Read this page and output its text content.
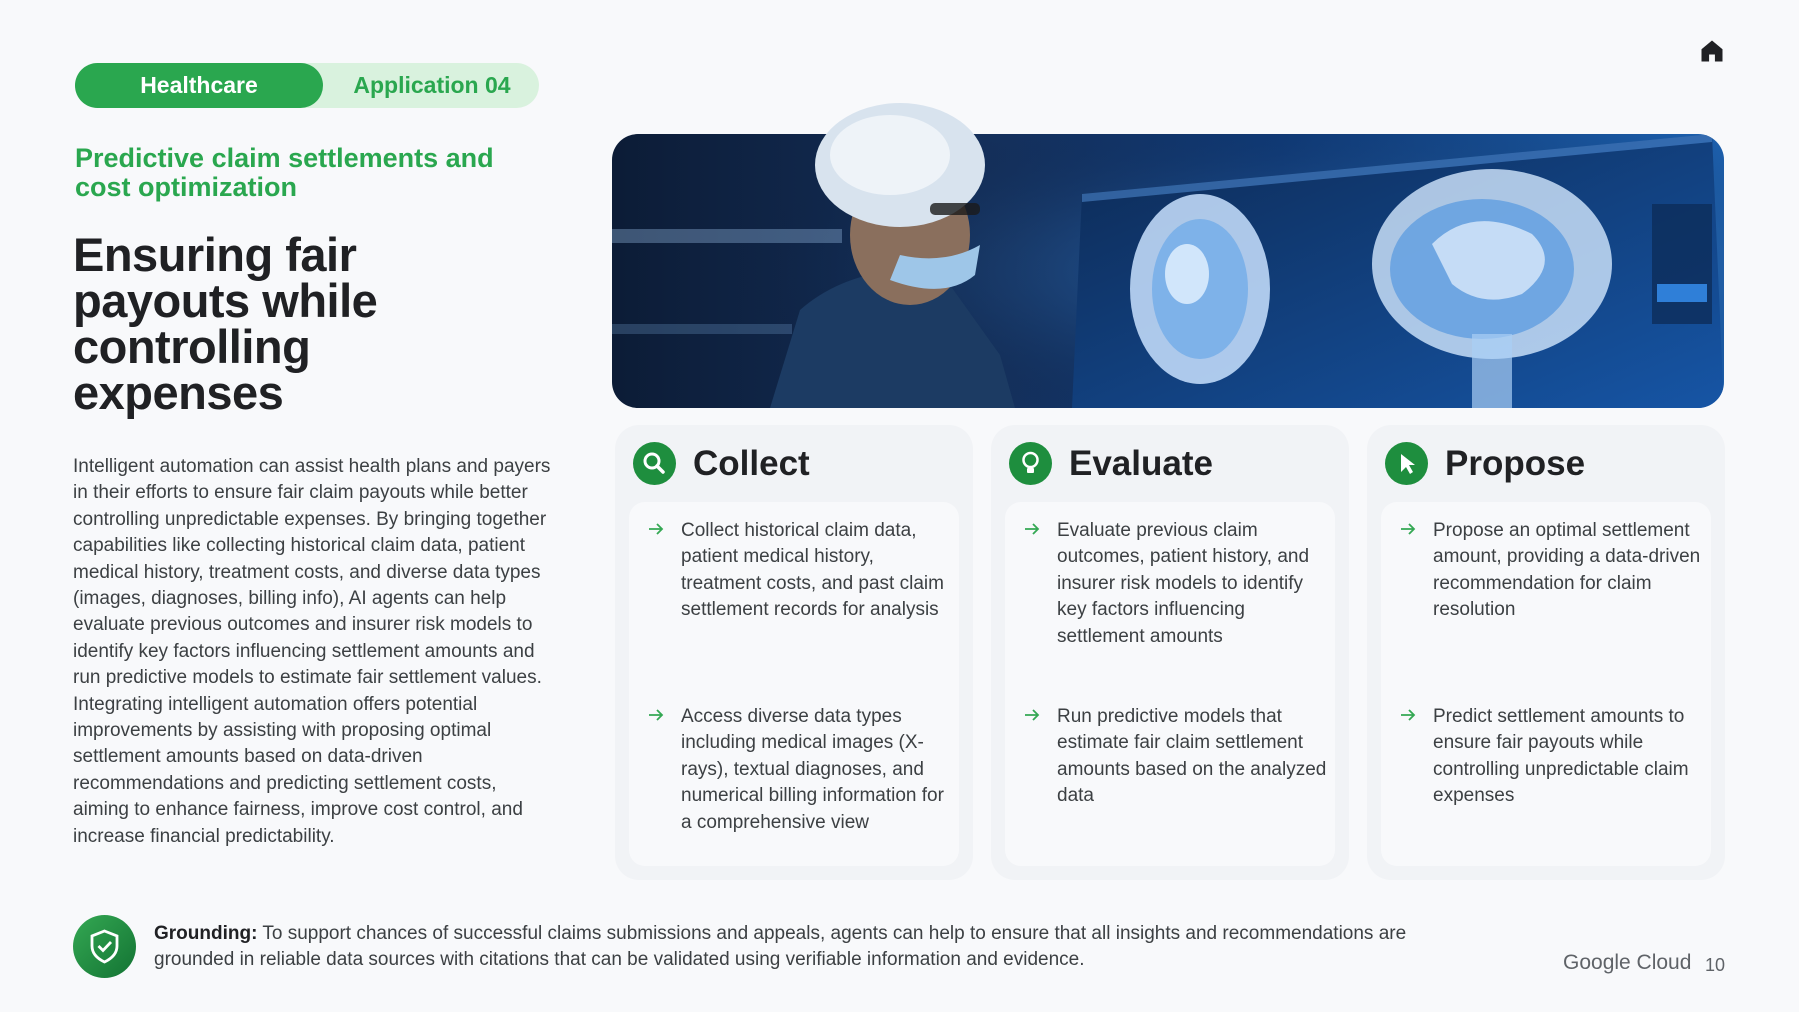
Healthcare	Application 04
Predictive claim settlements and cost optimization
Ensuring fair payouts while controlling expenses
Intelligent automation can assist health plans and payers in their efforts to ensure fair claim payouts while better controlling unpredictable expenses. By bringing together capabilities like collecting historical claim data, patient medical history, treatment costs, and diverse data types (images, diagnoses, billing info), AI agents can help evaluate previous outcomes and insurer risk models to identify key factors influencing settlement amounts and run predictive models to estimate fair settlement values. Integrating intelligent automation offers potential improvements by assisting with proposing optimal settlement amounts based on data-driven recommendations and predicting settlement costs, aiming to enhance fairness, improve cost control, and increase financial predictability.
Collect
Collect historical claim data, patient medical history, treatment costs, and past claim settlement records for analysis
Access diverse data types including medical images (X-rays), textual diagnoses, and numerical billing information for a comprehensive view
Evaluate
Evaluate previous claim outcomes, patient history, and insurer risk models to identify key factors influencing settlement amounts
Run predictive models that estimate fair claim settlement amounts based on the analyzed data
Propose
Propose an optimal settlement amount, providing a data-driven recommendation for claim resolution
Predict settlement amounts to ensure fair payouts while controlling unpredictable claim expenses
Grounding: To support chances of successful claims submissions and appeals, agents can help to ensure that all insights and recommendations are grounded in reliable data sources with citations that can be validated using verifiable information and evidence.	Google Cloud 10
